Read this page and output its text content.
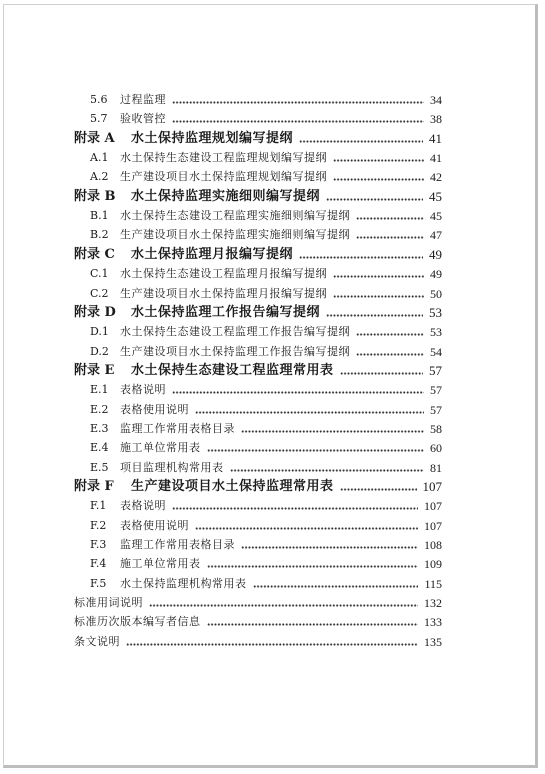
5.6 过程监理	34
5.7 验收管控	38
附录 A 水土保持监理规划编写提纲	41
A.1 水土保持生态建设工程监理规划编写提纲	41
A.2 生产建设项目水土保持监理规划编写提纲	42
附录 B 水土保持监理实施细则编写提纲	45
B.1 水土保持生态建设工程监理实施细则编写提纲	45
B.2 生产建设项目水土保持监理实施细则编写提纲	47
附录 C 水土保持监理月报编写提纲	49
C.1 水土保持生态建设工程监理月报编写提纲	49
C.2 生产建设项目水土保持监理月报编写提纲	50
附录 D 水土保持监理工作报告编写提纲	53
D.1 水土保持生态建设工程监理工作报告编写提纲	53
D.2 生产建设项目水土保持监理工作报告编写提纲	54
附录 E 水土保持生态建设工程监理常用表	57
E.1 表格说明	57
E.2 表格使用说明	57
E.3 监理工作常用表格目录	58
E.4 施工单位常用表	60
E.5 项目监理机构常用表	81
附录 F 生产建设项目水土保持监理常用表	107
F.1 表格说明	107
F.2 表格使用说明	107
F.3 监理工作常用表格目录	108
F.4 施工单位常用表	109
F.5 水土保持监理机构常用表	115
标准用词说明	132
标准历次版本编写者信息	133
条文说明	135
